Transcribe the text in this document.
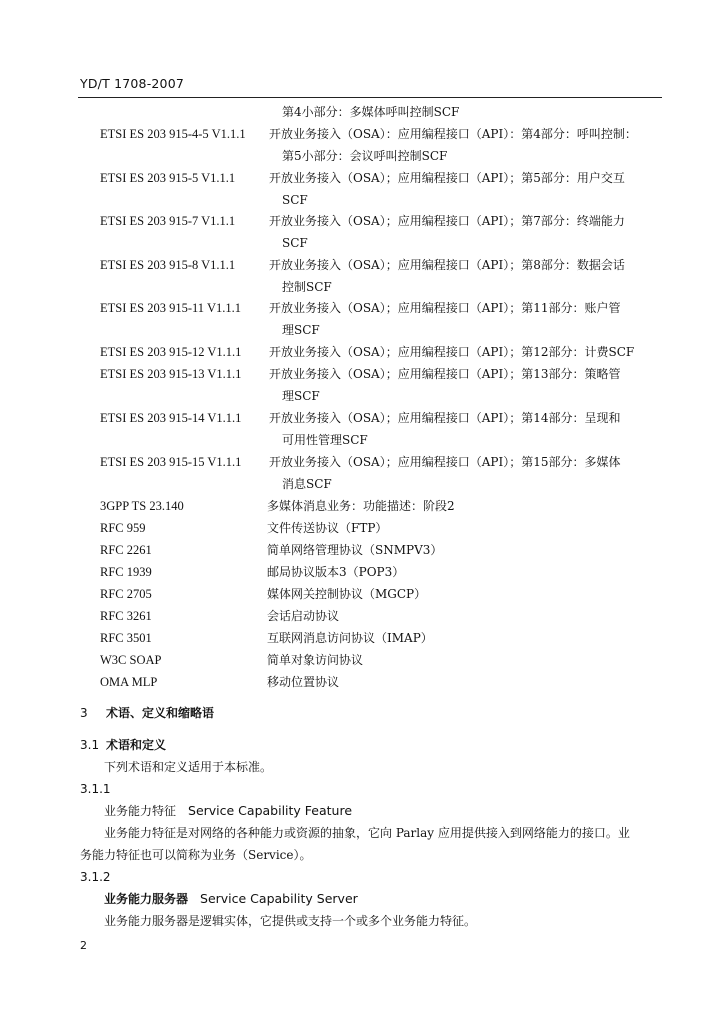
YD/T 1708-2007
第4小部分：多媒体呼叫控制SCF
ETSI ES 203 915-4-5 V1.1.1 开放业务接入（OSA）：应用编程接口（API）：第4部分：呼叫控制：
第5小部分：会议呼叫控制SCF
ETSI ES 203 915-5 V1.1.1	开放业务接入（OSA）；应用编程接口（API）；第5部分：用户交互
SCF
ETSI ES 203 915-7 V1.1.1	开放业务接入（OSA）；应用编程接口（API）；第7部分：终端能力
SCF
ETSI ES 203 915-8 V1.1.1	开放业务接入（OSA）；应用编程接口（API）；第8部分：数据会话
控制SCF
ETSI ES 203 915-11 V1.1.1 开放业务接入（OSA）；应用编程接口（API）；第11部分：账户管
理SCF
ETSI ES 203 915-12 V1.1.1 开放业务接入（OSA）；应用编程接口（API）；第12部分：计费SCF
ETSI ES 203 915-13 V1.1.1 开放业务接入（OSA）；应用编程接口（API）；第13部分：策略管
理SCF
ETSI ES 203 915-14 V1.1.1 开放业务接入（OSA）；应用编程接口（API）；第14部分：呈现和
可用性管理SCF
ETSI ES 203 915-15 V1.1.1 开放业务接入（OSA）；应用编程接口（API）；第15部分：多媒体
消息SCF
3GPP TS 23.140	多媒体消息业务：功能描述：阶段2
RFC 959	文件传送协议（FTP）
RFC 2261	简单网络管理协议（SNMPV3）
RFC 1939	邮局协议版本3（POP3）
RFC 2705	媒体网关控制协议（MGCP）
RFC 3261	会话启动协议
RFC 3501	互联网消息访问协议（IMAP）
W3C SOAP	简单对象访问协议
OMA MLP	移动位置协议
3 术语、定义和缩略语
3.1 术语和定义
下列术语和定义适用于本标准。
3.1.1
业务能力特征 Service Capability Feature
业务能力特征是对网络的各种能力或资源的抽象，它向 Parlay 应用提供接入到网络能力的接口。业
务能力特征也可以简称为业务（Service）。
3.1.2
业务能力服务器 Service Capability Server
业务能力服务器是逻辑实体，它提供或支持一个或多个业务能力特征。
2
